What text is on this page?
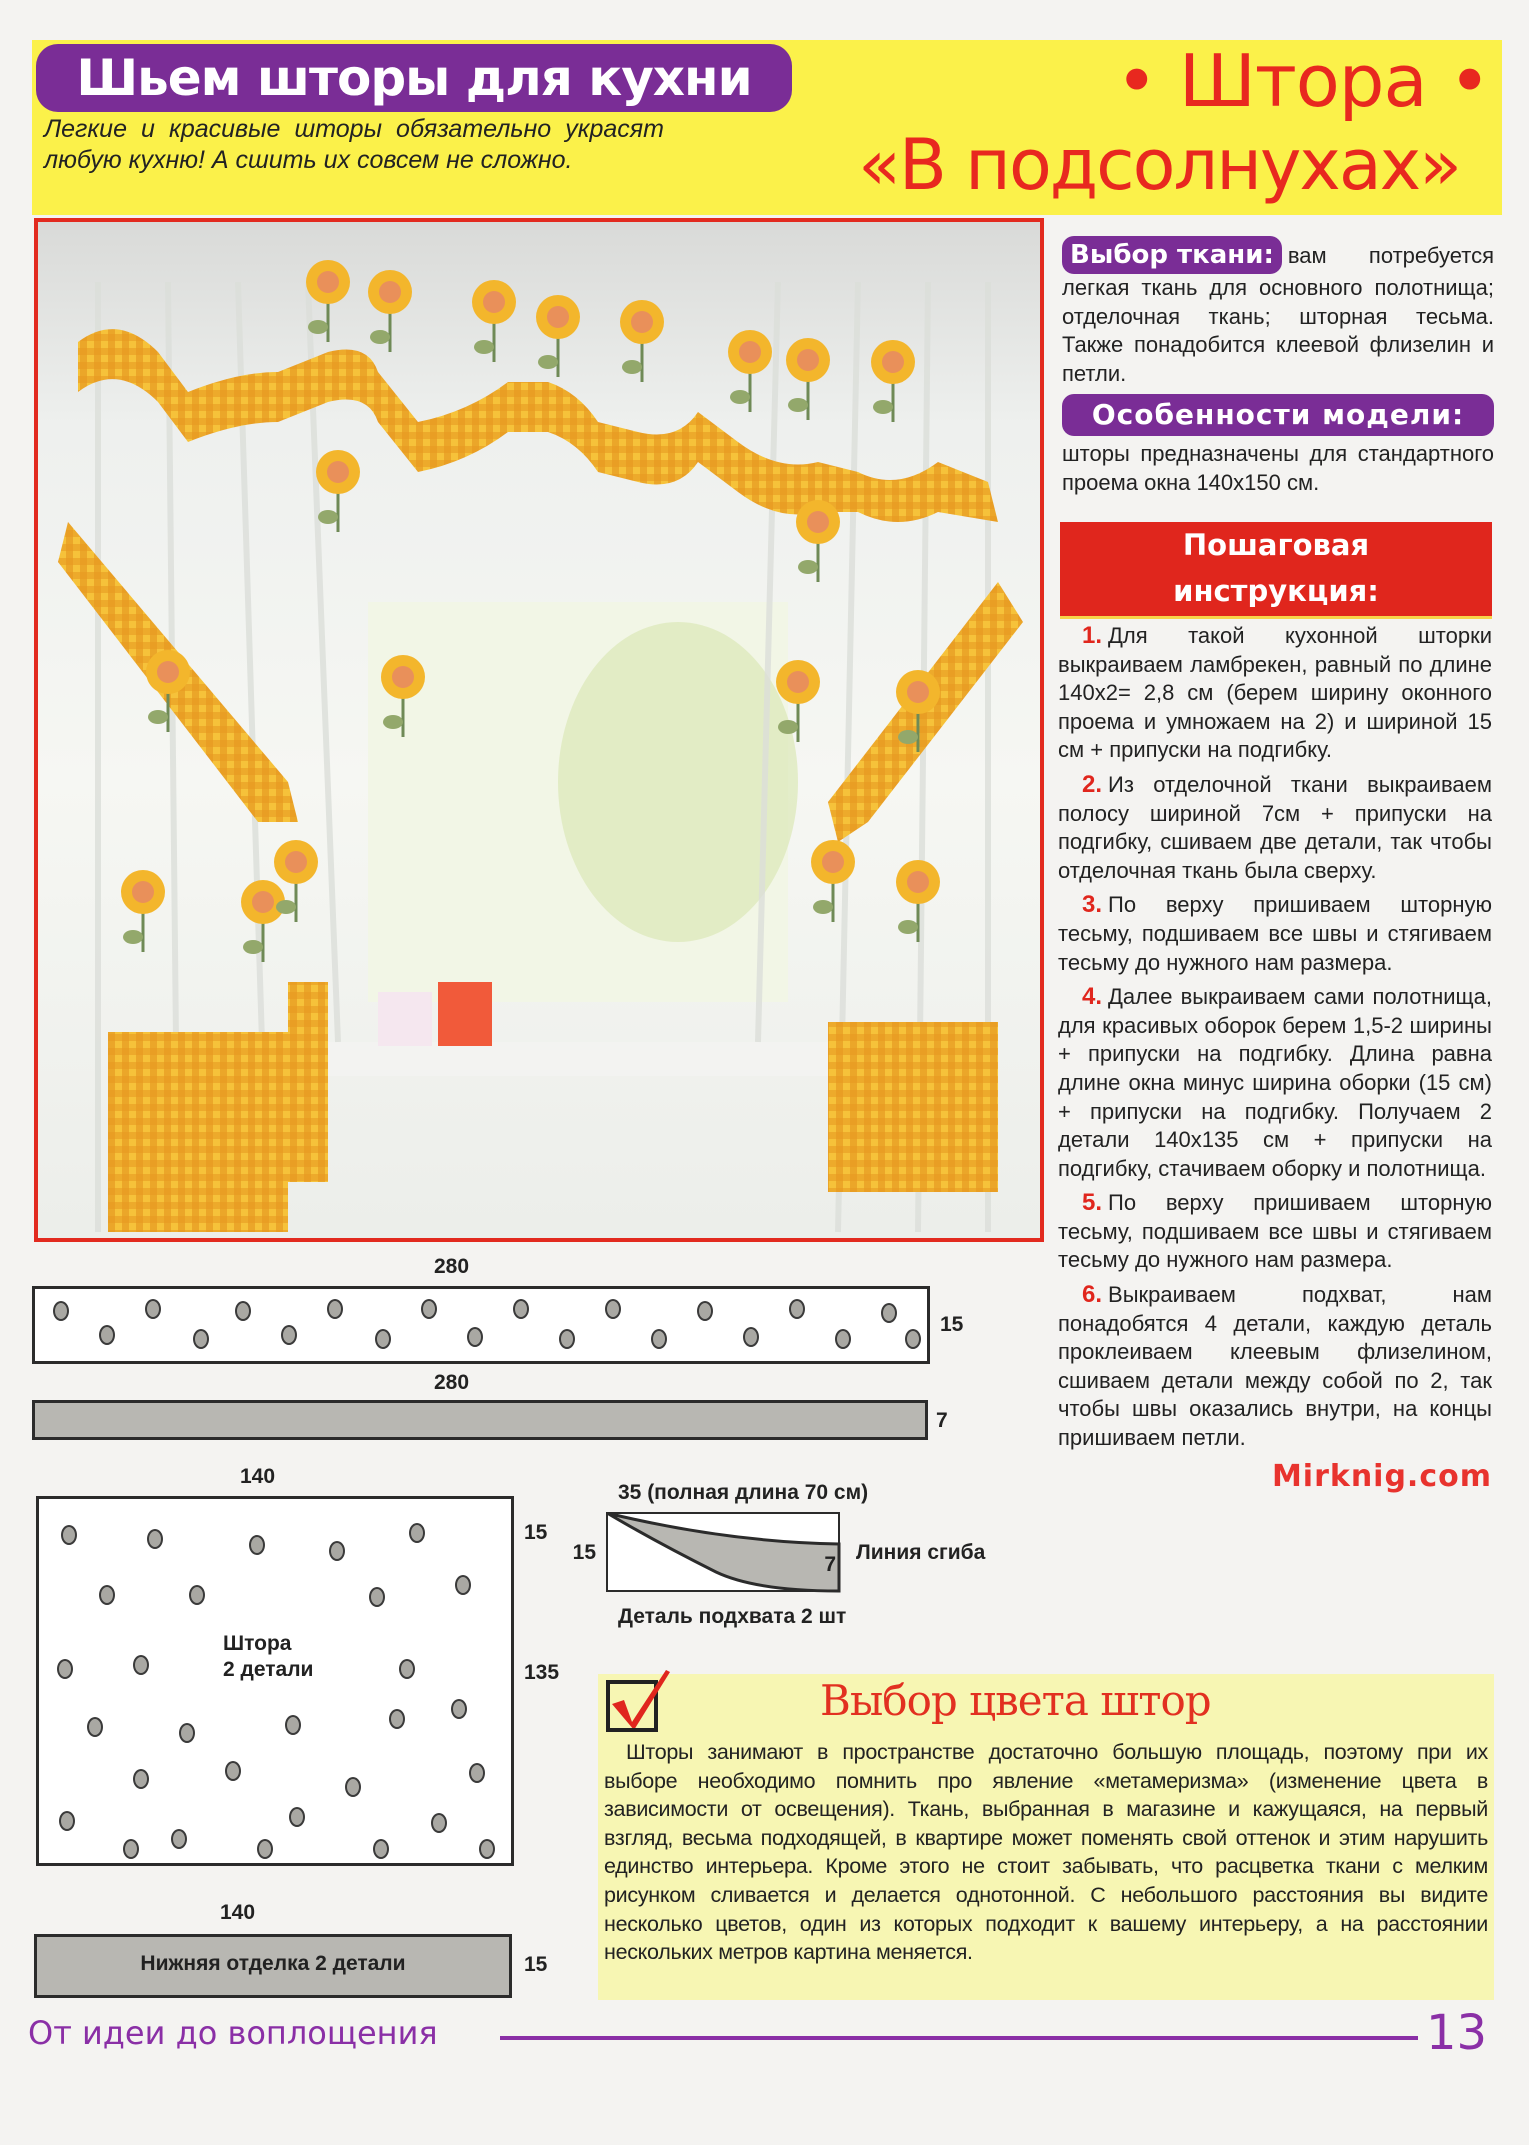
Шьем шторы для кухни
Легкие и красивые шторы обязательно украсят любую кухню! А сшить их совсем не сложно.
• Штора •
«В подсолнухах»
Выбор ткани: вам потребуется легкая ткань для основного полотнища; отделочная ткань; шторная тесьма. Также понадобится клеевой флизелин и петли.
Особенности модели:
шторы предназначены для стандартного проема окна 140х150 см.
Пошаговая
инструкция:

1. Для такой кухонной шторки выкраиваем ламбрекен, равный по длине 140х2= 2,8 см (берем ширину оконного проема и умножаем на 2) и шириной 15 см + припуски на подгибку.

2. Из отделочной ткани выкраиваем полосу шириной 7см + припуски на подгибку, сшиваем две детали, так чтобы отделочная ткань была сверху.

3. По верху пришиваем шторную тесьму, подшиваем все швы и стягиваем тесьму до нужного нам размера.

4. Далее выкраиваем сами полотнища, для красивых оборок берем 1,5-2 ширины + припуски на подгибку. Длина равна длине окна минус ширина оборки (15 см) + припуски на подгибку. Получаем 2 детали 140х135 см + припуски на подгибку, стачиваем оборку и полотнища.

5. По верху пришиваем шторную тесьму, подшиваем все швы и стягиваем тесьму до нужного нам размера.

6. Выкраиваем подхват, нам понадобятся 4 детали, каждую деталь проклеиваем клеевым флизелином, сшиваем детали между собой по 2, так чтобы швы оказались внутри, на концы пришиваем петли.

Mirknig.com
280
15
280
7
140
Штора
2 детали
15
135
35 (полная длина 70 см)
15
7
Линия сгиба
Деталь подхвата 2 шт
140
Нижняя отделка 2 детали	15
Выбор цвета штор
Шторы занимают в пространстве достаточно большую площадь, поэтому при их выборе необходимо помнить про явление «метамеризма» (изменение цвета в зависимости от освещения). Ткань, выбранная в магазине и кажущаяся, на первый взгляд, весьма подходящей, в квартире может поменять свой оттенок и этим нарушить единство интерьера. Кроме этого не стоит забывать, что расцветка ткани с мелким рисунком сливается и делается однотонной. С небольшого расстояния вы видите несколько цветов, один из которых подходит к вашему интерьеру, а на расстоянии нескольких метров картина меняется.
От идеи до воплощения	13
